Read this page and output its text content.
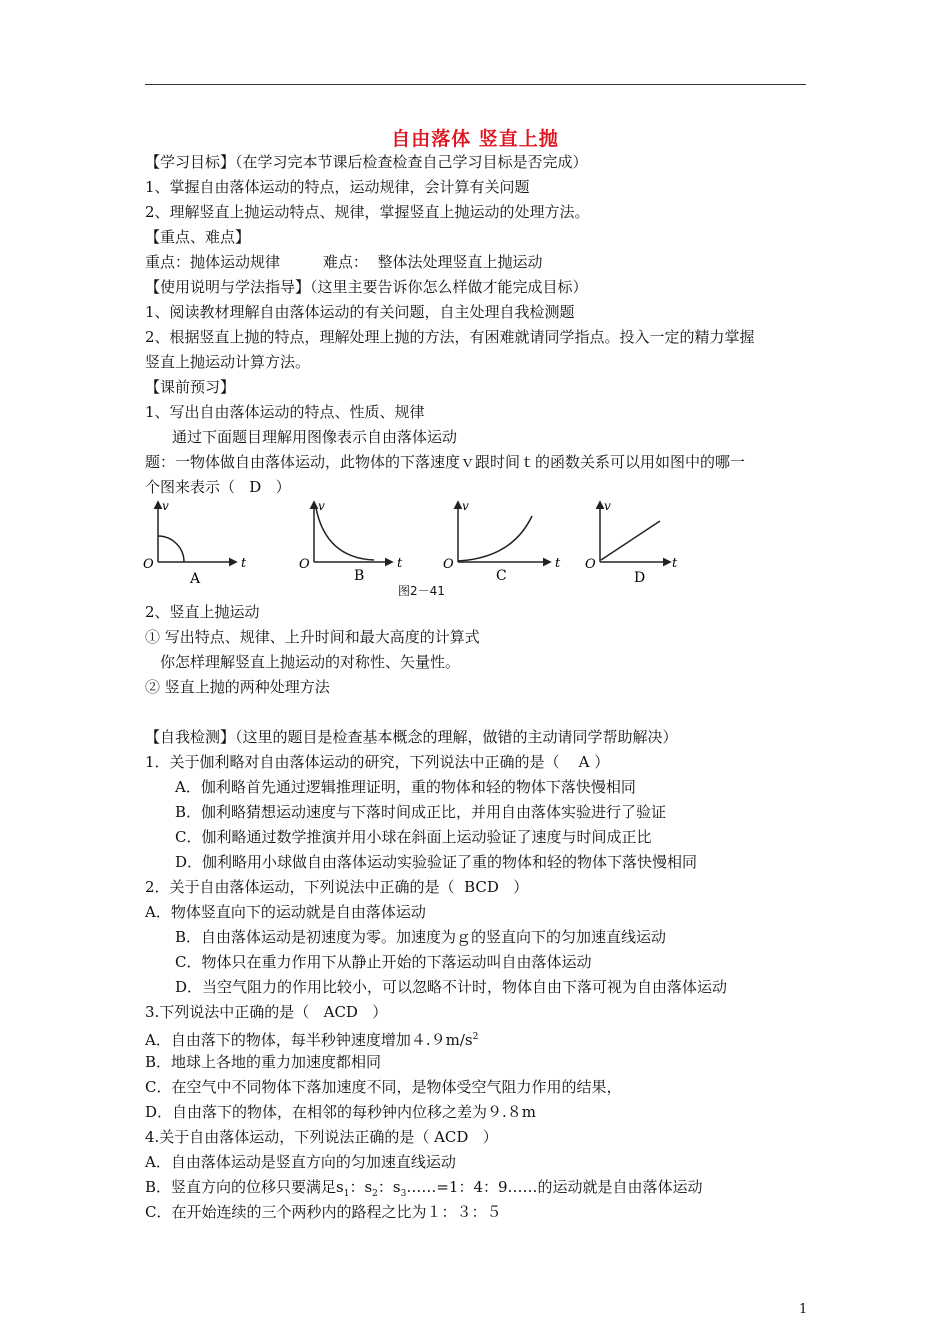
自由落体 竖直上抛
【学习目标】（在学习完本节课后检查检查自己学习目标是否完成）
1、掌握自由落体运动的特点，运动规律，会计算有关问题
2、理解竖直上抛运动特点、规律，掌握竖直上抛运动的处理方法。
【重点、难点】
重点：抛体运动规律         难点：  整体法处理竖直上抛运动
【使用说明与学法指导】（这里主要告诉你怎么样做才能完成目标）
1、阅读教材理解自由落体运动的有关问题，自主处理自我检测题
2、根据竖直上抛的特点，理解处理上抛的方法，有困难就请同学指点。投入一定的精力掌握
竖直上抛运动计算方法。
【课前预习】
1、写出自由落体运动的特点、性质、规律
通过下面题目理解用图像表示自由落体运动
题：一物体做自由落体运动，此物体的下落速度ｖ跟时间ｔ的函数关系可以用如图中的哪一
个图来表示（   D   ）
v
t
O
A
v
t
O
B
v
t
O
C
v
t
O
D
图2－41
2、竖直上抛运动
① 写出特点、规律、上升时间和最大高度的计算式
你怎样理解竖直上抛运动的对称性、矢量性。
② 竖直上抛的两种处理方法
【自我检测】（这里的题目是检查基本概念的理解，做错的主动请同学帮助解决）
1．关于伽利略对自由落体运动的研究，下列说法中正确的是（    A ）
A．伽利略首先通过逻辑推理证明，重的物体和轻的物体下落快慢相同
B．伽利略猜想运动速度与下落时间成正比，并用自由落体实验进行了验证
C．伽利略通过数学推演并用小球在斜面上运动验证了速度与时间成正比
D．伽利略用小球做自由落体运动实验验证了重的物体和轻的物体下落快慢相同
2．关于自由落体运动，下列说法中正确的是（  BCD   ）
A．物体竖直向下的运动就是自由落体运动
B．自由落体运动是初速度为零。加速度为ｇ的竖直向下的匀加速直线运动
C．物体只在重力作用下从静止开始的下落运动叫自由落体运动
D．当空气阻力的作用比较小，可以忽略不计时，物体自由下落可视为自由落体运动
3.下列说法中正确的是（   ACD   ）
A．自由落下的物体，每半秒钟速度增加$4.9m/s^2$
B．地球上各地的重力加速度都相同
C．在空气中不同物体下落加速度不同，是物体受空气阻力作用的结果，
D．自由落下的物体，在相邻的每秒钟内位移之差为９.８m
4.关于自由落体运动，下列说法正确的是（ ACD   ）
A．自由落体运动是竖直方向的匀加速直线运动
B．竖直方向的位移只要满足$s_1$：$s_2$：$s_3\dots\dots=1$：4：9……的运动就是自由落体运动
C．在开始连续的三个两秒内的路程之比为１：３：５
1
